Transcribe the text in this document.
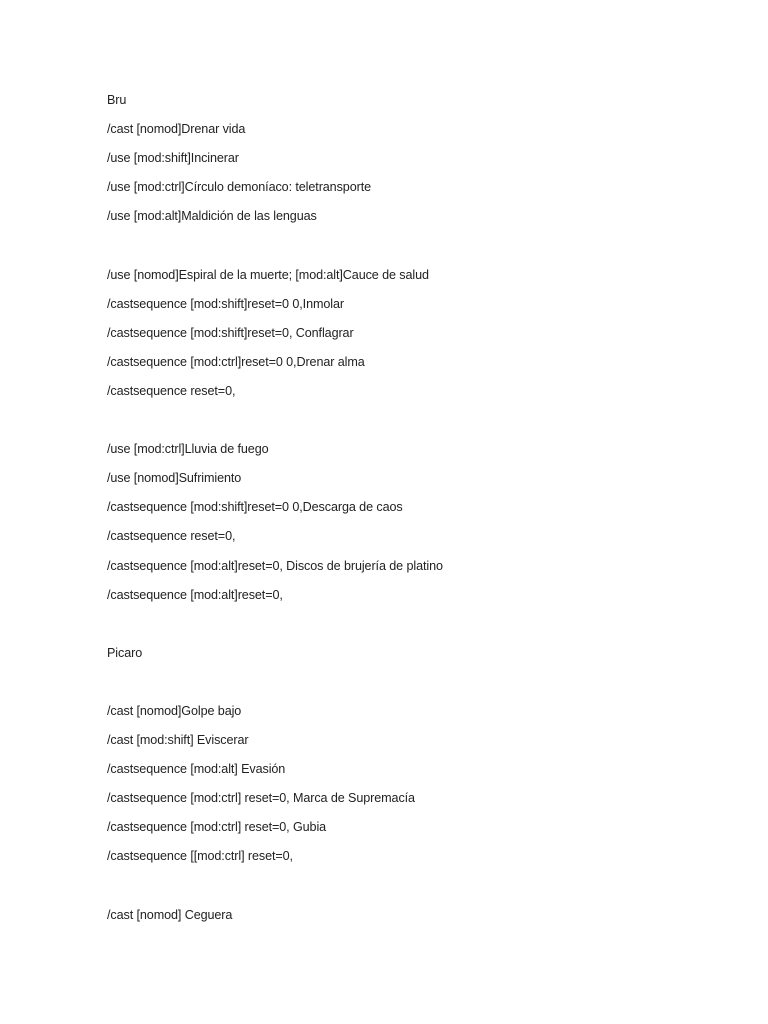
Bru
/cast [nomod]Drenar vida
/use [mod:shift]Incinerar
/use [mod:ctrl]Círculo demoníaco: teletransporte
/use [mod:alt]Maldición de las lenguas
/use [nomod]Espiral de la muerte; [mod:alt]Cauce de salud
/castsequence [mod:shift]reset=0 0,Inmolar
/castsequence [mod:shift]reset=0, Conflagrar
/castsequence [mod:ctrl]reset=0 0,Drenar alma
/castsequence reset=0,
/use [mod:ctrl]Lluvia de fuego
/use [nomod]Sufrimiento
/castsequence [mod:shift]reset=0 0,Descarga de caos
/castsequence reset=0,
/castsequence [mod:alt]reset=0, Discos de brujería de platino
/castsequence [mod:alt]reset=0,
Picaro
/cast [nomod]Golpe bajo
/cast [mod:shift] Eviscerar
/castsequence [mod:alt] Evasión
/castsequence [mod:ctrl] reset=0, Marca de Supremacía
/castsequence [mod:ctrl] reset=0, Gubia
/castsequence [[mod:ctrl] reset=0,
/cast [nomod] Ceguera
